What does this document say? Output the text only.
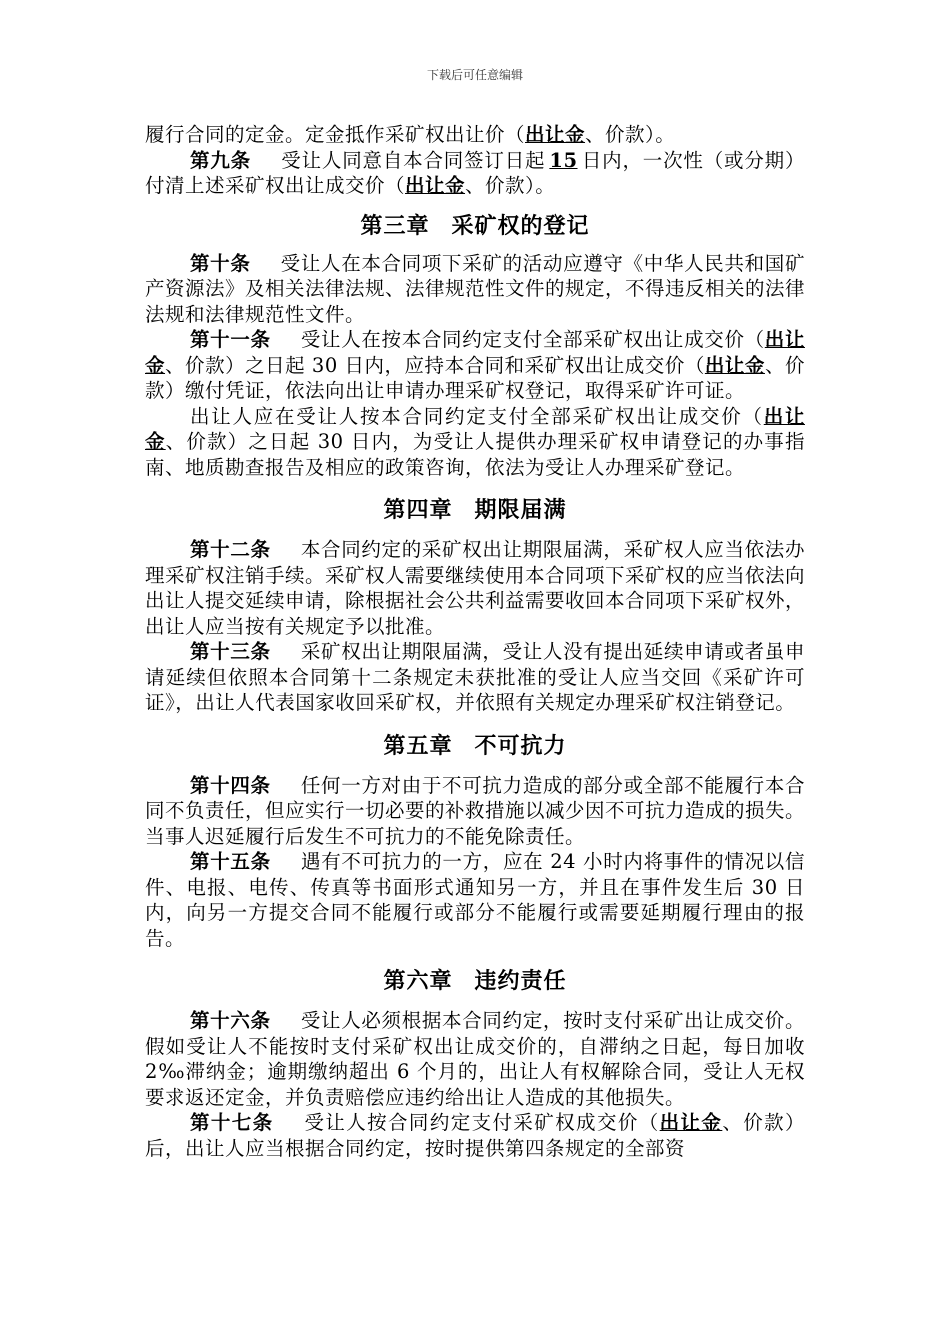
下载后可任意编辑

履行合同的定金。定金抵作采矿权出让价（出让金、价款）。

第九条 受让人同意自本合同签订日起 15 日内，一次性（或分期）付清上述采矿权出让成交价（出让金、价款）。

第三章 采矿权的登记

第十条 受让人在本合同项下采矿的活动应遵守《中华人民共和国矿产资源法》及相关法律法规、法律规范性文件的规定，不得违反相关的法律法规和法律规范性文件。

第十一条 受让人在按本合同约定支付全部采矿权出让成交价（出让金、价款）之日起 30 日内，应持本合同和采矿权出让成交价（出让金、价款）缴付凭证，依法向出让申请办理采矿权登记，取得采矿许可证。

出让人应在受让人按本合同约定支付全部采矿权出让成交价（出让金、价款）之日起 30 日内，为受让人提供办理采矿权申请登记的办事指南、地质勘查报告及相应的政策咨询，依法为受让人办理采矿登记。

第四章 期限届满

第十二条 本合同约定的采矿权出让期限届满，采矿权人应当依法办理采矿权注销手续。采矿权人需要继续使用本合同项下采矿权的应当依法向出让人提交延续申请，除根据社会公共利益需要收回本合同项下采矿权外，出让人应当按有关规定予以批准。

第十三条 采矿权出让期限届满，受让人没有提出延续申请或者虽申请延续但依照本合同第十二条规定未获批准的受让人应当交回《采矿许可证》，出让人代表国家收回采矿权，并依照有关规定办理采矿权注销登记。

第五章 不可抗力

第十四条 任何一方对由于不可抗力造成的部分或全部不能履行本合同不负责任，但应实行一切必要的补救措施以减少因不可抗力造成的损失。当事人迟延履行后发生不可抗力的不能免除责任。

第十五条 遇有不可抗力的一方，应在 24 小时内将事件的情况以信件、电报、电传、传真等书面形式通知另一方，并且在事件发生后 30 日内，向另一方提交合同不能履行或部分不能履行或需要延期履行理由的报告。

第六章 违约责任

第十六条 受让人必须根据本合同约定，按时支付采矿出让成交价。假如受让人不能按时支付采矿权出让成交价的，自滞纳之日起，每日加收 2‰滞纳金；逾期缴纳超出 6 个月的，出让人有权解除合同，受让人无权要求返还定金，并负责赔偿应违约给出让人造成的其他损失。

第十七条 受让人按合同约定支付采矿权成交价（出让金、价款）后，出让人应当根据合同约定，按时提供第四条规定的全部资
